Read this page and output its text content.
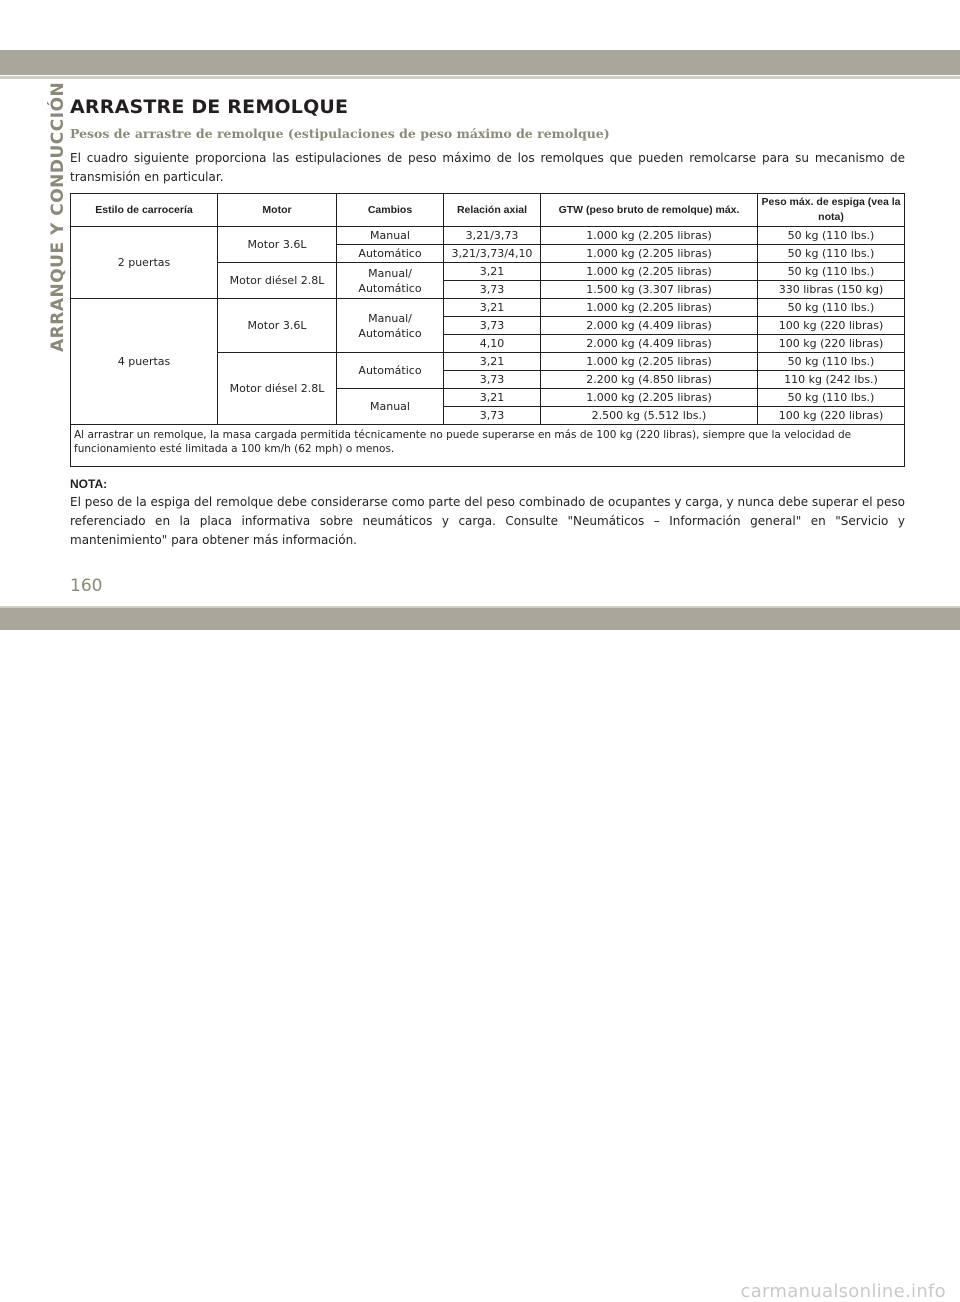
ARRANQUE Y CONDUCCIÓN ARRASTRE DE REMOLQUE
Pesos de arrastre de remolque (estipulaciones de peso máximo de remolque)

El cuadro siguiente proporciona las estipulaciones de peso máximo de los remolques que pueden remolcarse para su mecanismo de transmisión en particular.

Estilo de carrocería	Motor	Cambios	Relación axial	GTW (peso bruto de remolque) máx.	Peso máx. de espiga (vea la nota)
2 puertas	Motor 3.6L	Manual	3,21/3,73	1.000 kg (2.205 libras)	50 kg (110 lbs.)
		Automático	3,21/3,73/4,10	1.000 kg (2.205 libras)	50 kg (110 lbs.)
	Motor diésel 2.8L	Manual/ Automático	3,21	1.000 kg (2.205 libras)	50 kg (110 lbs.)
			3,73	1.500 kg (3.307 libras)	330 libras (150 kg)
4 puertas	Motor 3.6L	Manual/ Automático	3,21	1.000 kg (2.205 libras)	50 kg (110 lbs.)
			3,73	2.000 kg (4.409 libras)	100 kg (220 libras)
			4,10	2.000 kg (4.409 libras)	100 kg (220 libras)
	Motor diésel 2.8L	Automático	3,21	1.000 kg (2.205 libras)	50 kg (110 lbs.)
			3,73	2.200 kg (4.850 libras)	110 kg (242 lbs.)
		Manual	3,21	1.000 kg (2.205 libras)	50 kg (110 lbs.)
			3,73	2.500 kg (5.512 lbs.)	100 kg (220 libras)
Al arrastrar un remolque, la masa cargada permitida técnicamente no puede superarse en más de 100 kg (220 libras), siempre que la velocidad de funcionamiento esté limitada a 100 km/h (62 mph) o menos.					
NOTA:

El peso de la espiga del remolque debe considerarse como parte del peso combinado de ocupantes y carga, y nunca debe superar el peso referenciado en la placa informativa sobre neumáticos y carga. Consulte "Neumáticos – Información general" en "Servicio y mantenimiento" para obtener más información.

160
carmanualsonline.info
